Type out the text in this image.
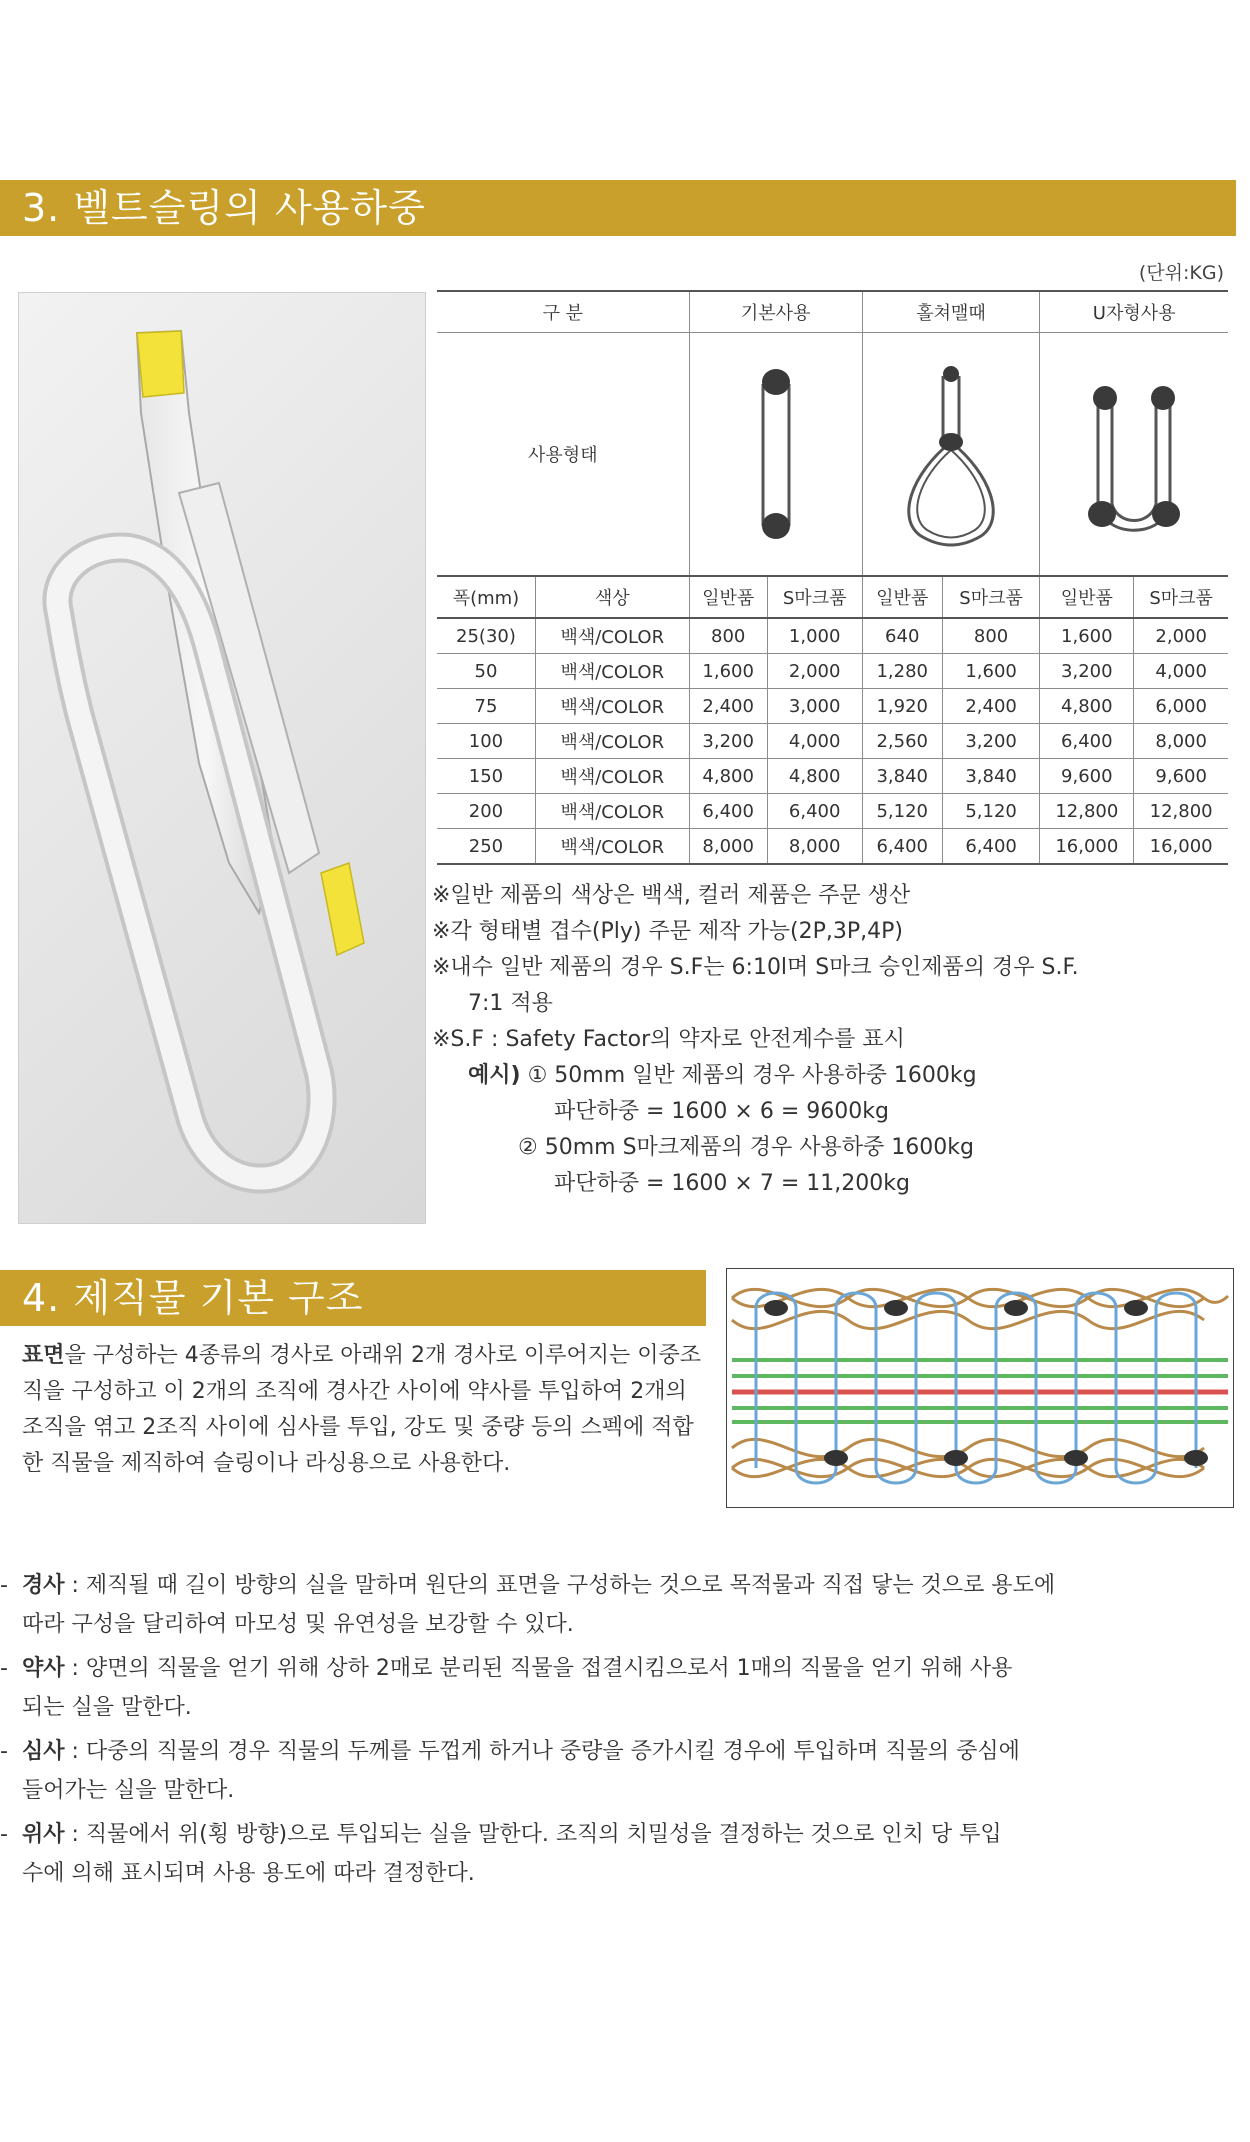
3. 벨트슬링의 사용하중
(단위:KG)
구 분		기본사용		홀쳐맬때		U자형사용	
사용형태	

폭(mm)	색상	일반품	S마크품	일반품	S마크품	일반품	S마크품
25(30)	백색/COLOR	800	1,000	640	800	1,600	2,000
50	백색/COLOR	1,600	2,000	1,280	1,600	3,200	4,000
75	백색/COLOR	2,400	3,000	1,920	2,400	4,800	6,000
100	백색/COLOR	3,200	4,000	2,560	3,200	6,400	8,000
150	백색/COLOR	4,800	4,800	3,840	3,840	9,600	9,600
200	백색/COLOR	6,400	6,400	5,120	5,120	12,800	12,800
250	백색/COLOR	8,000	8,000	6,400	6,400	16,000	16,000

※일반 제품의 색상은 백색, 컬러 제품은 주문 생산

※각 형태별 겹수(Ply) 주문 제작 가능(2P,3P,4P)

※내수 일반 제품의 경우 S.F는 6:10l며 S마크 승인제품의 경우 S.F.

7:1 적용

※S.F : Safety Factor의 약자로 안전계수를 표시

예시) ① 50mm 일반 제품의 경우 사용하중 1600kg

파단하중 = 1600 × 6 = 9600kg

② 50mm S마크제품의 경우 사용하중 1600kg

파단하중 = 1600 × 7 = 11,200kg

4. 제직물 기본 구조

표면을 구성하는 4종류의 경사로 아래위 2개 경사로 이루어지는 이중조직을 구성하고 이 2개의 조직에 경사간 사이에 약사를 투입하여 2개의 조직을 엮고 2조직 사이에 심사를 투입, 강도 및 중량 등의 스펙에 적합한 직물을 제직하여 슬링이나 라싱용으로 사용한다.

- 경사 : 제직될 때 길이 방향의 실을 말하며 원단의 표면을 구성하는 것으로 목적물과 직접 닿는 것으로 용도에
따라 구성을 달리하여 마모성 및 유연성을 보강할 수 있다.

- 약사 : 양면의 직물을 얻기 위해 상하 2매로 분리된 직물을 접결시킴으로서 1매의 직물을 얻기 위해 사용
되는 실을 말한다.

- 심사 : 다중의 직물의 경우 직물의 두께를 두껍게 하거나 중량을 증가시킬 경우에 투입하며 직물의 중심에
들어가는 실을 말한다.

- 위사 : 직물에서 위(횡 방향)으로 투입되는 실을 말한다. 조직의 치밀성을 결정하는 것으로 인치 당 투입
수에 의해 표시되며 사용 용도에 따라 결정한다.
